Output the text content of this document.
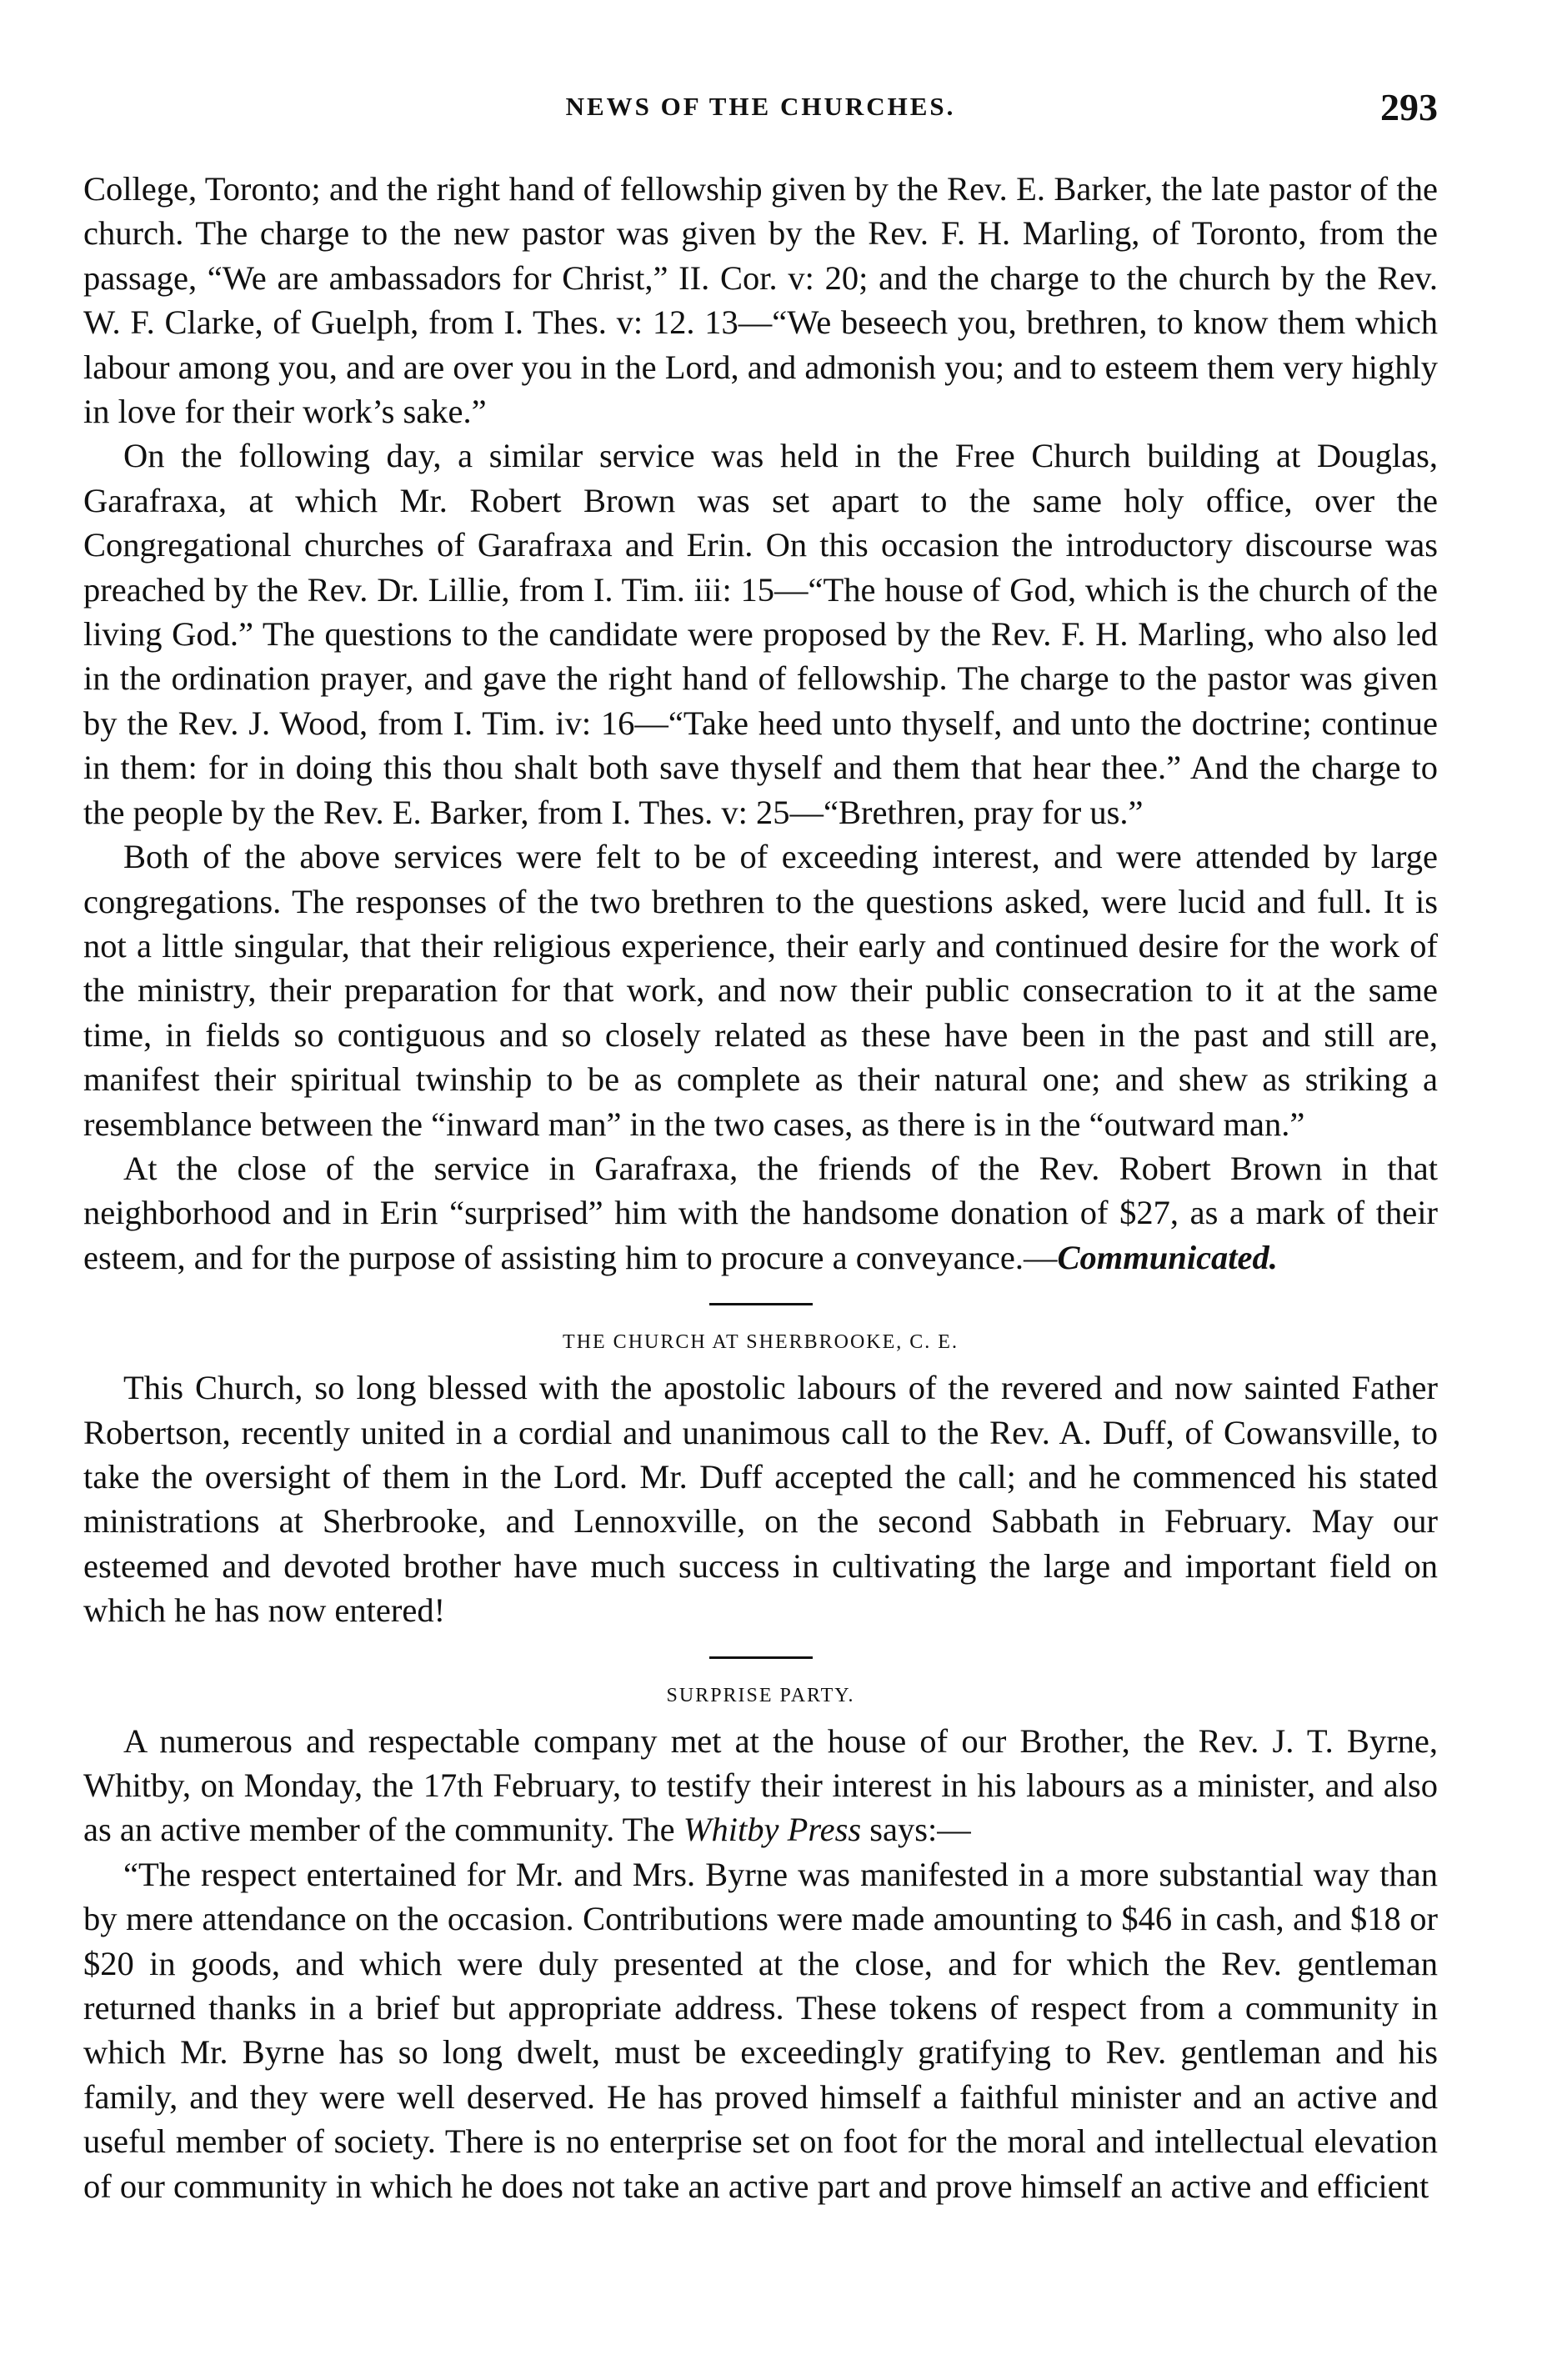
NEWS OF THE CHURCHES.	293

College, Toronto; and the right hand of fellowship given by the Rev. E. Barker, the late pastor of the church. The charge to the new pastor was given by the Rev. F. H. Marling, of Toronto, from the passage, “We are ambassadors for Christ,” II. Cor. v: 20; and the charge to the church by the Rev. W. F. Clarke, of Guelph, from I. Thes. v: 12. 13—“We beseech you, brethren, to know them which labour among you, and are over you in the Lord, and admonish you; and to esteem them very highly in love for their work’s sake.”

On the following day, a similar service was held in the Free Church building at Douglas, Garafraxa, at which Mr. Robert Brown was set apart to the same holy office, over the Congregational churches of Garafraxa and Erin. On this occasion the introductory discourse was preached by the Rev. Dr. Lillie, from I. Tim. iii: 15—“The house of God, which is the church of the living God.” The questions to the candidate were proposed by the Rev. F. H. Marling, who also led in the ordination prayer, and gave the right hand of fellowship. The charge to the pastor was given by the Rev. J. Wood, from I. Tim. iv: 16—“Take heed unto thyself, and unto the doctrine; continue in them: for in doing this thou shalt both save thyself and them that hear thee.” And the charge to the people by the Rev. E. Barker, from I. Thes. v: 25—“Brethren, pray for us.”

Both of the above services were felt to be of exceeding interest, and were attended by large congregations. The responses of the two brethren to the questions asked, were lucid and full. It is not a little singular, that their religious experience, their early and continued desire for the work of the ministry, their preparation for that work, and now their public consecration to it at the same time, in fields so contiguous and so closely related as these have been in the past and still are, manifest their spiritual twinship to be as complete as their natural one; and shew as striking a resemblance between the “inward man” in the two cases, as there is in the “outward man.”

At the close of the service in Garafraxa, the friends of the Rev. Robert Brown in that neighborhood and in Erin “surprised” him with the handsome donation of $27, as a mark of their esteem, and for the purpose of assisting him to procure a conveyance.—Communicated.

THE CHURCH AT SHERBROOKE, C. E.

This Church, so long blessed with the apostolic labours of the revered and now sainted Father Robertson, recently united in a cordial and unanimous call to the Rev. A. Duff, of Cowansville, to take the oversight of them in the Lord. Mr. Duff accepted the call; and he commenced his stated ministrations at Sherbrooke, and Lennoxville, on the second Sabbath in February. May our esteemed and devoted brother have much success in cultivating the large and important field on which he has now entered!

SURPRISE PARTY.

A numerous and respectable company met at the house of our Brother, the Rev. J. T. Byrne, Whitby, on Monday, the 17th February, to testify their interest in his labours as a minister, and also as an active member of the community. The Whitby Press says:—

“The respect entertained for Mr. and Mrs. Byrne was manifested in a more substantial way than by mere attendance on the occasion. Contributions were made amounting to $46 in cash, and $18 or $20 in goods, and which were duly presented at the close, and for which the Rev. gentleman returned thanks in a brief but appropriate address. These tokens of respect from a community in which Mr. Byrne has so long dwelt, must be exceedingly gratifying to Rev. gentleman and his family, and they were well deserved. He has proved himself a faithful minister and an active and useful member of society. There is no enterprise set on foot for the moral and intellectual elevation of our community in which he does not take an active part and prove himself an active and efficient
